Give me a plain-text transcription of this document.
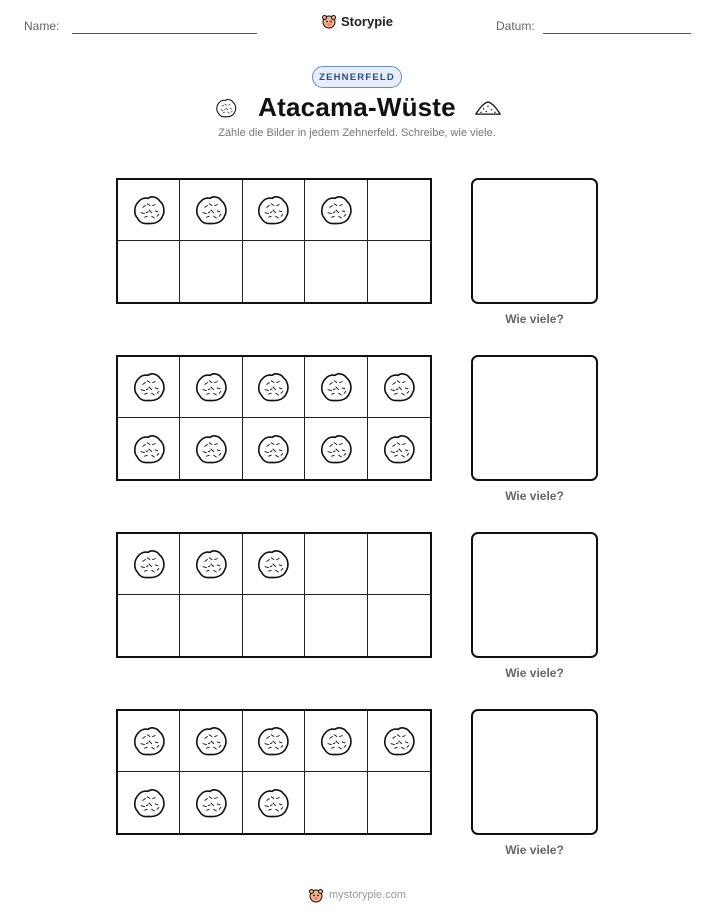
Name:	Storypie	Datum:
ZEHNERFELD
Atacama-Wüste
Zähle die Bilder in jedem Zehnerfeld. Schreibe, wie viele.
Wie viele?
Wie viele?
Wie viele?
Wie viele?
mystorypie.com
